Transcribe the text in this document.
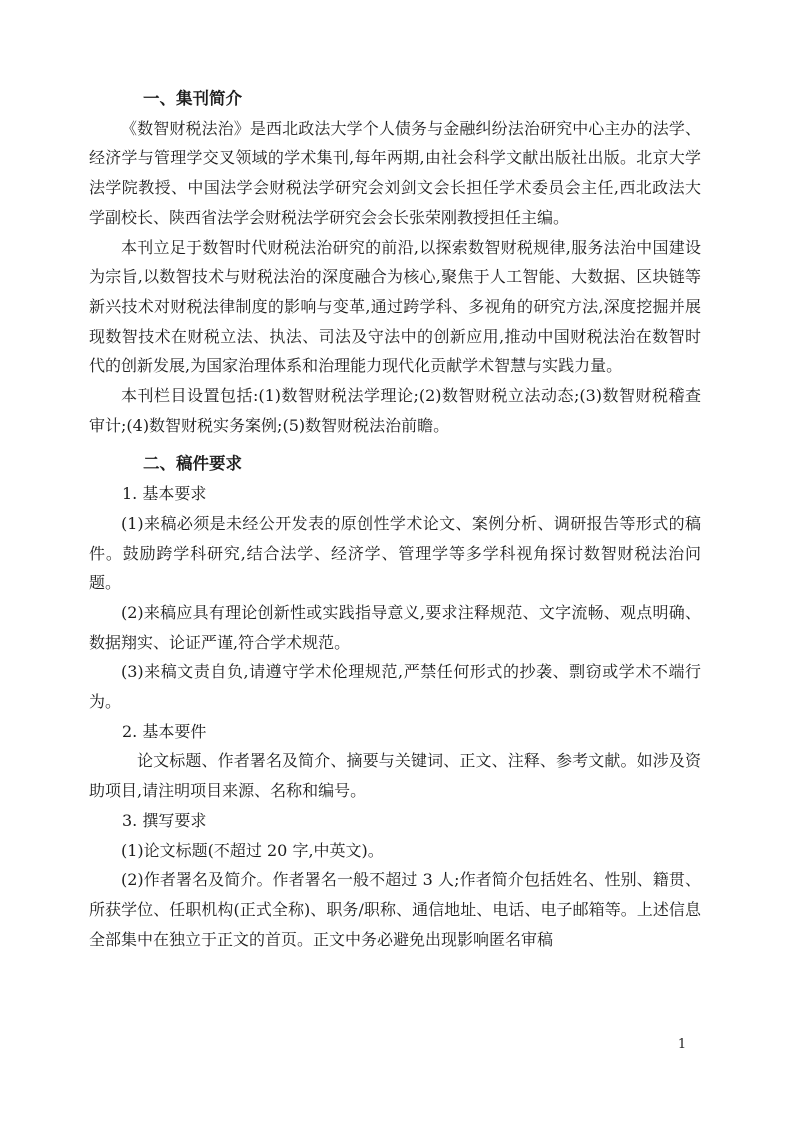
一、集刊简介

《数智财税法治》是西北政法大学个人债务与金融纠纷法治研究中心主办的法学、经济学与管理学交叉领域的学术集刊,每年两期,由社会科学文献出版社出版。北京大学法学院教授、中国法学会财税法学研究会刘剑文会长担任学术委员会主任,西北政法大学副校长、陕西省法学会财税法学研究会会长张荣刚教授担任主编。

本刊立足于数智时代财税法治研究的前沿,以探索数智财税规律,服务法治中国建设为宗旨,以数智技术与财税法治的深度融合为核心,聚焦于人工智能、大数据、区块链等新兴技术对财税法律制度的影响与变革,通过跨学科、多视角的研究方法,深度挖掘并展现数智技术在财税立法、执法、司法及守法中的创新应用,推动中国财税法治在数智时代的创新发展,为国家治理体系和治理能力现代化贡献学术智慧与实践力量。

本刊栏目设置包括:(1)数智财税法学理论;(2)数智财税立法动态;(3)数智财税稽查审计;(4)数智财税实务案例;(5)数智财税法治前瞻。

二、稿件要求

1. 基本要求

(1)来稿必须是未经公开发表的原创性学术论文、案例分析、调研报告等形式的稿件。鼓励跨学科研究,结合法学、经济学、管理学等多学科视角探讨数智财税法治问题。

(2)来稿应具有理论创新性或实践指导意义,要求注释规范、文字流畅、观点明确、数据翔实、论证严谨,符合学术规范。

(3)来稿文责自负,请遵守学术伦理规范,严禁任何形式的抄袭、剽窃或学术不端行为。

2. 基本要件

论文标题、作者署名及简介、摘要与关键词、正文、注释、参考文献。如涉及资助项目,请注明项目来源、名称和编号。

3. 撰写要求

(1)论文标题(不超过 20 字,中英文)。

(2)作者署名及简介。作者署名一般不超过 3 人;作者简介包括姓名、性别、籍贯、所获学位、任职机构(正式全称)、职务/职称、通信地址、电话、电子邮箱等。上述信息全部集中在独立于正文的首页。正文中务必避免出现影响匿名审稿

1
